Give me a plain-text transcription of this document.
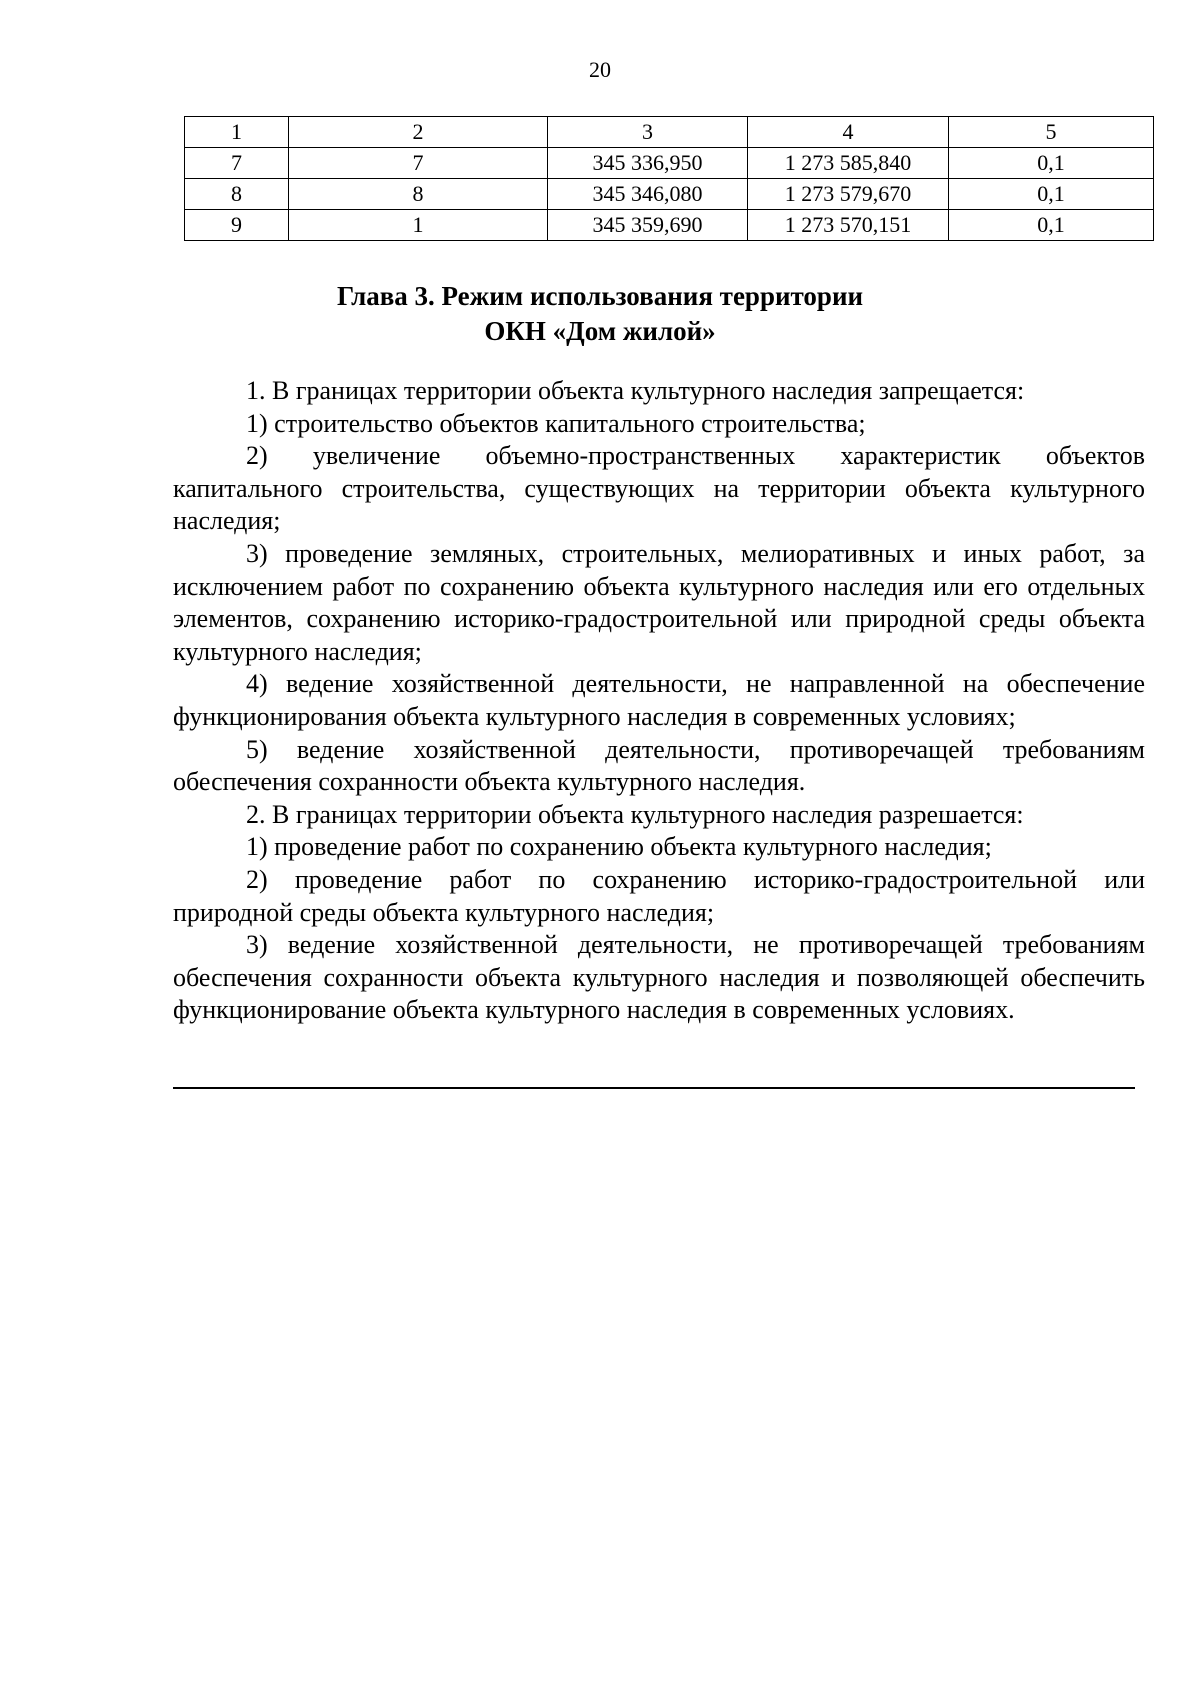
20
1	2	3	4	5
7	7	345 336,950	1 273 585,840	0,1
8	8	345 346,080	1 273 579,670	0,1
9	1	345 359,690	1 273 570,151	0,1
Глава 3. Режим использования территории
ОКН «Дом жилой»

1. В границах территории объекта культурного наследия запрещается:

1) строительство объектов капитального строительства;

2) увеличение объемно-пространственных характеристик объектов капитального строительства, существующих на территории объекта культурного наследия;

3) проведение земляных, строительных, мелиоративных и иных работ, за исключением работ по сохранению объекта культурного наследия или его отдельных элементов, сохранению историко-градостроительной или природной среды объекта культурного наследия;

4) ведение хозяйственной деятельности, не направленной на обеспечение функционирования объекта культурного наследия в современных условиях;

5) ведение хозяйственной деятельности, противоречащей требованиям обеспечения сохранности объекта культурного наследия.

2. В границах территории объекта культурного наследия разрешается:

1) проведение работ по сохранению объекта культурного наследия;

2) проведение работ по сохранению историко-градостроительной или природной среды объекта культурного наследия;

3) ведение хозяйственной деятельности, не противоречащей требованиям обеспечения сохранности объекта культурного наследия и позволяющей обеспечить функционирование объекта культурного наследия в современных условиях.
